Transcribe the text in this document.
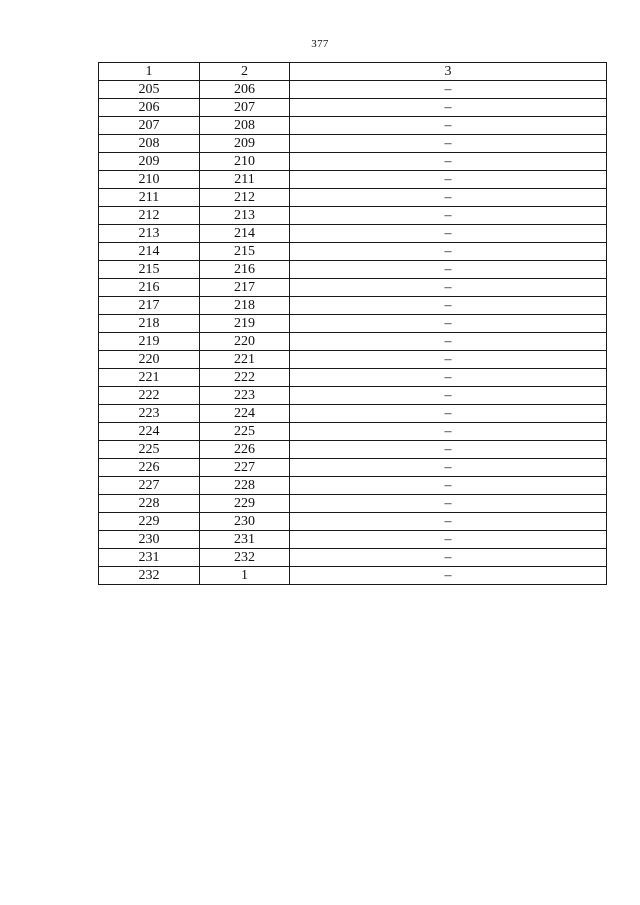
377
1	2	3
205	206	–
206	207	–
207	208	–
208	209	–
209	210	–
210	211	–
211	212	–
212	213	–
213	214	–
214	215	–
215	216	–
216	217	–
217	218	–
218	219	–
219	220	–
220	221	–
221	222	–
222	223	–
223	224	–
224	225	–
225	226	–
226	227	–
227	228	–
228	229	–
229	230	–
230	231	–
231	232	–
232	1	–
